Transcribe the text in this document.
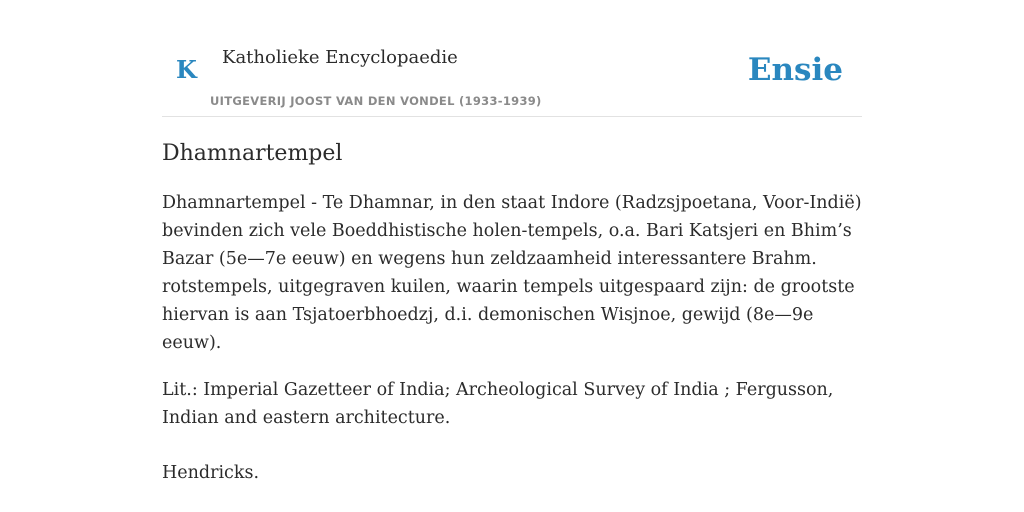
K Katholieke Encyclopaedie
UITGEVERIJ JOOST VAN DEN VONDEL (1933-1939)
Ensie
Dhamnartempel

Dhamnartempel - Te Dhamnar, in den staat Indore (Radzsjpoetana, Voor-Indië) bevinden zich vele Boeddhistische holen-tempels, o.a. Bari Katsjeri en Bhim’s Bazar (5e—7e eeuw) en wegens hun zeldzaamheid interessantere Brahm. rotstempels, uitgegraven kuilen, waarin tempels uitgespaard zijn: de grootste hiervan is aan Tsjatoerbhoedzj, d.i. demonischen Wisjnoe, gewijd (8e—9e eeuw).

Lit.: Imperial Gazetteer of India; Archeological Survey of India ; Fergusson, Indian and eastern architecture.

Hendricks.
